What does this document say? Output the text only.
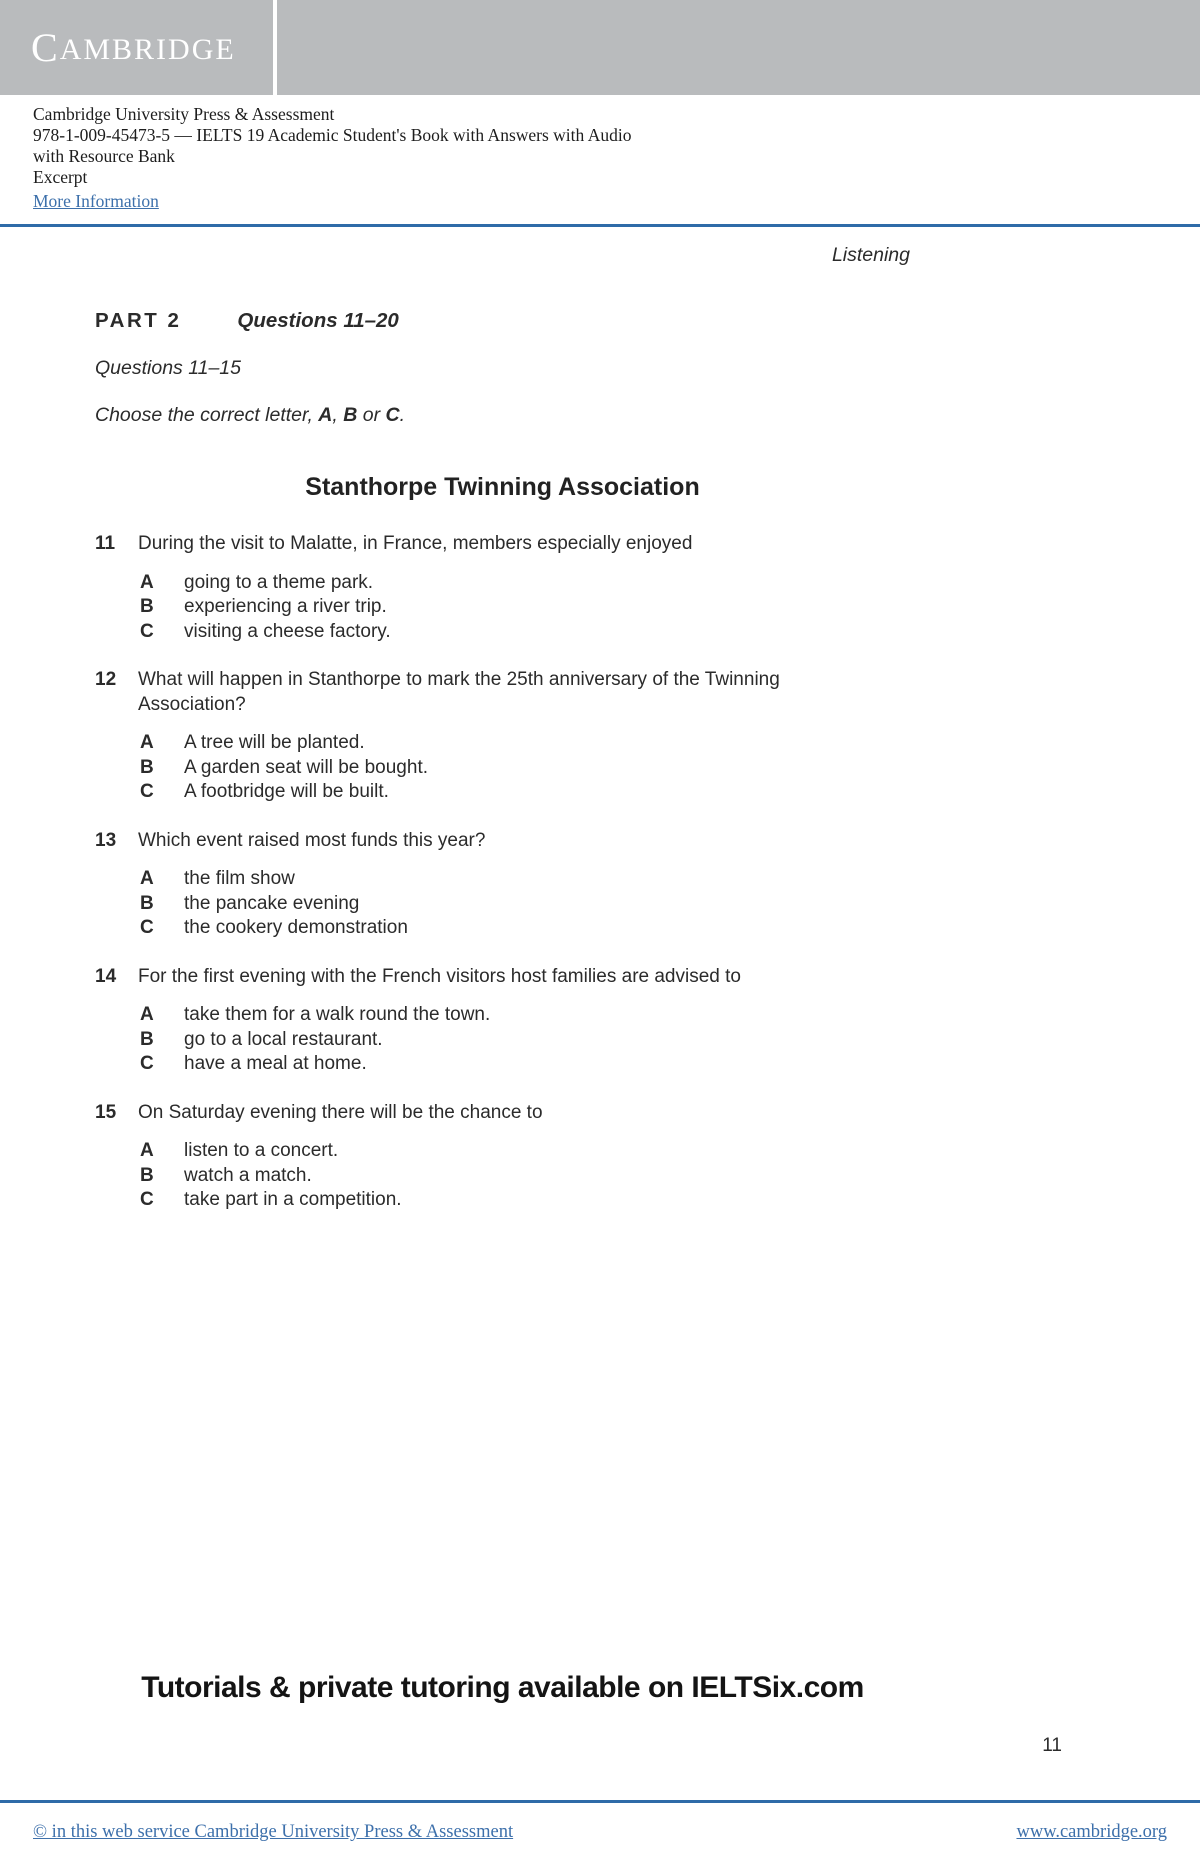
CAMBRIDGE
Cambridge University Press & Assessment
978-1-009-45473-5 — IELTS 19 Academic Student's Book with Answers with Audio
with Resource Bank
Excerpt
More Information
Listening
PART 2	Questions 11–20
Questions 11–15
Choose the correct letter, A, B or C.
Stanthorpe Twinning Association
11	During the visit to Malatte, in France, members especially enjoyed
A	going to a theme park.
B	experiencing a river trip.
C	visiting a cheese factory.
12	What will happen in Stanthorpe to mark the 25th anniversary of the Twinning Association?
A	A tree will be planted.
B	A garden seat will be bought.
C	A footbridge will be built.
13	Which event raised most funds this year?
A	the film show
B	the pancake evening
C	the cookery demonstration
14	For the first evening with the French visitors host families are advised to
A	take them for a walk round the town.
B	go to a local restaurant.
C	have a meal at home.
15	On Saturday evening there will be the chance to
A	listen to a concert.
B	watch a match.
C	take part in a competition.
Tutorials & private tutoring available on IELTSix.com
11
© in this web service Cambridge University Press & Assessment	www.cambridge.org
